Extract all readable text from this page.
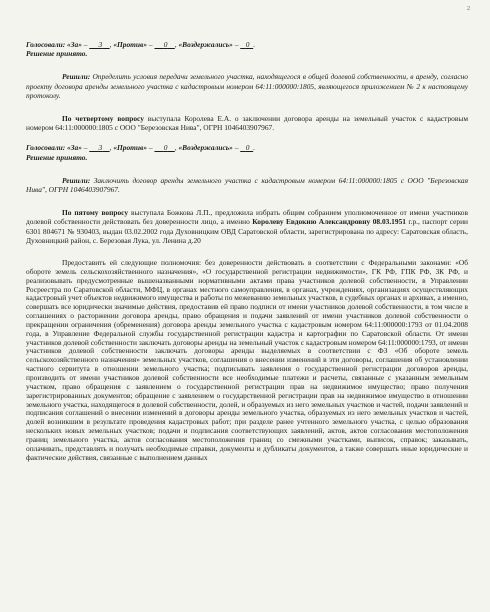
2

Голосовали: «За» –      3 , «Против» –      0 , «Воздержались» –    0 .

Решение принято.

Решили: Определить условия передачи земельного участка, находящегося в общей долевой собственности, в аренду, согласно проекту договора аренды земельного участка с кадастровым номером 64:11:000000:1805, являющегося приложением № 2 к настоящему протоколу.

По четвертому вопросу выступала Королева Е.А. о заключении договора аренды на земельный участок с кадастровым номером 64:11:000000:1805 с ООО "Березовская Нива", ОГРН 1046403907967.

Голосовали: «За» –      3 , «Против» –      0 , «Воздержались» –    0 .

Решение принято.

Решили: Заключить договор аренды земельного участка с кадастровым номером 64:11:000000:1805 с ООО "Березовская Нива", ОГРН 1046403907967.

По пятому вопросу выступала Божкова Л.П., предложила избрать общим собранием уполномоченное от имени участников долевой собственности действовать без доверенности лицо, а именно Королеву Евдокию Александровну 08.03.1951 г.р., паспорт серии 6301 804671 № 930403, выдан 03.02.2002 года Духовницким ОВД Саратовской области, зарегистрирована по адресу: Саратовская область, Духовницкий район, с. Березовая Лука, ул. Ленина д.20

Предоставить ей следующие полномочия: без доверенности действовать в соответствии с Федеральными законами: «Об обороте земель сельскохозяйственного назначения», «О государственной регистрации недвижимости», ГК РФ, ГПК РФ, ЗК РФ, и реализовывать предусмотренные вышеназванными нормативными актами права участников долевой собственности, в Управлении Росреестра по Саратовской области, МФЦ, в органах местного самоуправления, в органах, учреждениях, организациях осуществляющих кадастровый учет объектов недвижимого имущества и работы по межеванию земельных участков, в судебных органах и архивах, а именно, совершать все юридически значимые действия, предоставив ей право подписи от имени участников долевой собственности, в том числе в соглашениях о расторжении договора аренды, право обращения и подачи заявлений от имени участников долевой собственности о прекращении ограничения (обременения) договора аренды земельного участка с кадастровым номером 64:11:000000:1793 от 01.04.2008 года, в Управление Федеральной службы государственной регистрации кадастра и картографии по Саратовской области. От имени участников долевой собственности заключать договоры аренды на земельный участок с кадастровым номером 64:11:000000:1793, от имени участников долевой собственности заключать договоры аренды выделяемых в соответствии с ФЗ «Об обороте земель сельскохозяйственного назначения» земельных участков, соглашения о внесении изменений в эти договоры, соглашения об установлении частного сервитута в отношении земельного участка; подписывать заявления о государственной регистрации договоров аренды, производить от имени участников долевой собственности все необходимые платежи и расчеты, связанные с указанным земельным участком, право обращения с заявлением о государственной регистрации прав на недвижимое имущество; право получения зарегистрированных документов; обращение с заявлением о государственной регистрации прав на недвижимое имущество в отношении земельного участка, находящегося в долевой собственности, долей, и образуемых из него земельных участков и частей, подачи заявлений и подписания соглашений о внесении изменений в договоры аренды земельного участка, образуемых из него земельных участков и частей, долей возникшим в результате проведения кадастровых работ; при разделе ранее учтенного земельного участка, с целью образования нескольких новых земельных участков; подачи и подписания соответствующих заявлений, актов, актов согласования местоположения границ земельного участка, актов согласования местоположения границ со смежными участками, выписок, справок; заказывать, оплачивать, представлять и получать необходимые справки, документы и дубликаты документов, а также совершать иные юридические и фактические действия, связанные с выполнением данных
